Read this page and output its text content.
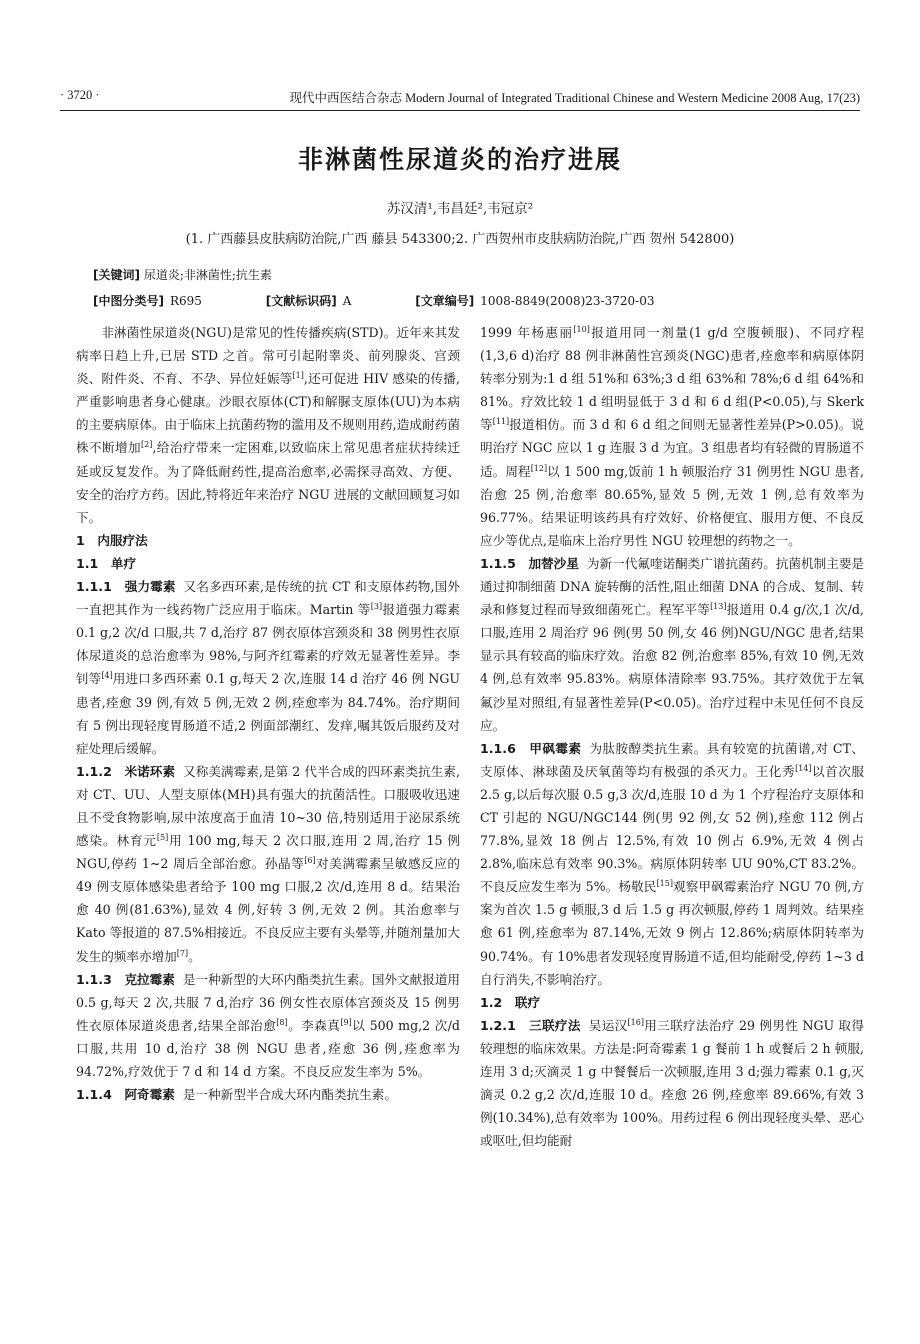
· 3720 ·	现代中西医结合杂志 Modern Journal of Integrated Traditional Chinese and Western Medicine 2008 Aug, 17(23)
非淋菌性尿道炎的治疗进展
苏汉清¹,韦昌廷²,韦冠京²
(1. 广西藤县皮肤病防治院,广西 藤县 543300;2. 广西贺州市皮肤病防治院,广西 贺州 542800)
[关键词] 尿道炎;非淋菌性;抗生素
[中图分类号] R695	[文献标识码] A	[文章编号] 1008-8849(2008)23-3720-03

非淋菌性尿道炎(NGU)是常见的性传播疾病(STD)。近年来其发病率日趋上升,已居 STD 之首。常可引起附睾炎、前列腺炎、宫颈炎、附件炎、不育、不孕、异位妊娠等[1],还可促进 HIV 感染的传播,严重影响患者身心健康。沙眼衣原体(CT)和解脲支原体(UU)为本病的主要病原体。由于临床上抗菌药物的滥用及不规则用药,造成耐药菌株不断增加[2],给治疗带来一定困难,以致临床上常见患者症状持续迁延或反复发作。为了降低耐药性,提高治愈率,必需探寻高效、方便、安全的治疗方药。因此,特将近年来治疗 NGU 进展的文献回顾复习如下。

1　内服疗法

1.1　单疗

1.1.1　强力霉素 又名多西环素,是传统的抗 CT 和支原体药物,国外一直把其作为一线药物广泛应用于临床。Martin 等[3]报道强力霉素 0.1 g,2 次/d 口服,共 7 d,治疗 87 例衣原体宫颈炎和 38 例男性衣原体尿道炎的总治愈率为 98%,与阿齐红霉素的疗效无显著性差异。李钊等[4]用进口多西环素 0.1 g,每天 2 次,连服 14 d 治疗 46 例 NGU 患者,痊愈 39 例,有效 5 例,无效 2 例,痊愈率为 84.74%。治疗期间有 5 例出现轻度胃肠道不适,2 例面部潮红、发痒,嘱其饭后服药及对症处理后缓解。

1.1.2　米诺环素 又称美满霉素,是第 2 代半合成的四环素类抗生素,对 CT、UU、人型支原体(MH)具有强大的抗菌活性。口服吸收迅速且不受食物影响,尿中浓度高于血清 10~30 倍,特别适用于泌尿系统感染。林育元[5]用 100 mg,每天 2 次口服,连用 2 周,治疗 15 例 NGU,停药 1~2 周后全部治愈。孙晶等[6]对美满霉素呈敏感反应的 49 例支原体感染患者给予 100 mg 口服,2 次/d,连用 8 d。结果治愈 40 例(81.63%),显效 4 例,好转 3 例,无效 2 例。其治愈率与 Kato 等报道的 87.5%相接近。不良反应主要有头晕等,并随剂量加大发生的频率亦增加[7]。

1.1.3　克拉霉素 是一种新型的大环内酯类抗生素。国外文献报道用 0.5 g,每天 2 次,共服 7 d,治疗 36 例女性衣原体宫颈炎及 15 例男性衣原体尿道炎患者,结果全部治愈[8]。李森真[9]以 500 mg,2 次/d 口服,共用 10 d,治疗 38 例 NGU 患者,痊愈 36 例,痊愈率为 94.72%,疗效优于 7 d 和 14 d 方案。不良反应发生率为 5%。

1.1.4　阿奇霉素 是一种新型半合成大环内酯类抗生素。

1999 年杨惠丽[10]报道用同一剂量(1 g/d 空腹顿服)、不同疗程(1,3,6 d)治疗 88 例非淋菌性宫颈炎(NGC)患者,痊愈率和病原体阴转率分别为:1 d 组 51%和 63%;3 d 组 63%和 78%;6 d 组 64%和 81%。疗效比较 1 d 组明显低于 3 d 和 6 d 组(P<0.05),与 Skerk 等[11]报道相仿。而 3 d 和 6 d 组之间则无显著性差异(P>0.05)。说明治疗 NGC 应以 1 g 连服 3 d 为宜。3 组患者均有轻微的胃肠道不适。周程[12]以 1 500 mg,饭前 1 h 顿服治疗 31 例男性 NGU 患者,治愈 25 例,治愈率 80.65%,显效 5 例,无效 1 例,总有效率为 96.77%。结果证明该药具有疗效好、价格便宜、服用方便、不良反应少等优点,是临床上治疗男性 NGU 较理想的药物之一。

1.1.5　加替沙星 为新一代氟喹诺酮类广谱抗菌药。抗菌机制主要是通过抑制细菌 DNA 旋转酶的活性,阻止细菌 DNA 的合成、复制、转录和修复过程而导致细菌死亡。程军平等[13]报道用 0.4 g/次,1 次/d,口服,连用 2 周治疗 96 例(男 50 例,女 46 例)NGU/NGC 患者,结果显示具有较高的临床疗效。治愈 82 例,治愈率 85%,有效 10 例,无效 4 例,总有效率 95.83%。病原体清除率 93.75%。其疗效优于左氧氟沙星对照组,有显著性差异(P<0.05)。治疗过程中未见任何不良反应。

1.1.6　甲砜霉素 为肽胺醇类抗生素。具有较宽的抗菌谱,对 CT、支原体、淋球菌及厌氧菌等均有极强的杀灭力。王化秀[14]以首次服 2.5 g,以后每次服 0.5 g,3 次/d,连服 10 d 为 1 个疗程治疗支原体和 CT 引起的 NGU/NGC144 例(男 92 例,女 52 例),痊愈 112 例占 77.8%,显效 18 例占 12.5%,有效 10 例占 6.9%,无效 4 例占 2.8%,临床总有效率 90.3%。病原体阴转率 UU 90%,CT 83.2%。不良反应发生率为 5%。杨敬民[15]观察甲砜霉素治疗 NGU 70 例,方案为首次 1.5 g 顿服,3 d 后 1.5 g 再次顿服,停药 1 周判效。结果痊愈 61 例,痊愈率为 87.14%,无效 9 例占 12.86%;病原体阴转率为 90.74%。有 10%患者发现轻度胃肠道不适,但均能耐受,停药 1~3 d 自行消失,不影响治疗。

1.2　联疗

1.2.1　三联疗法 吴运汉[16]用三联疗法治疗 29 例男性 NGU 取得较理想的临床效果。方法是:阿奇霉素 1 g 餐前 1 h 或餐后 2 h 顿服,连用 3 d;灭滴灵 1 g 中餐餐后一次顿服,连用 3 d;强力霉素 0.1 g,灭滴灵 0.2 g,2 次/d,连服 10 d。痊愈 26 例,痊愈率 89.66%,有效 3 例(10.34%),总有效率为 100%。用药过程 6 例出现轻度头晕、恶心或呕吐,但均能耐
